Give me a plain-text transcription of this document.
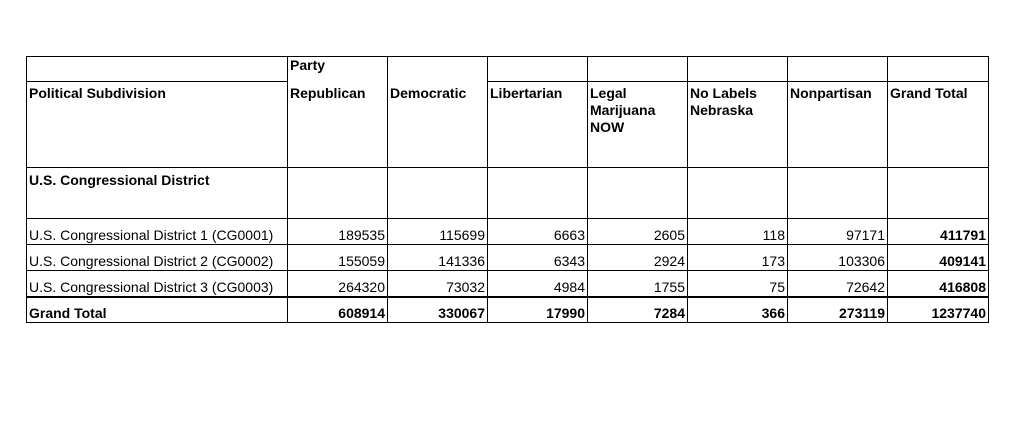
	Party						
Political Subdivision	Republican	Democratic	Libertarian	Legal Marijuana NOW	No Labels Nebraska	Nonpartisan	Grand Total
U.S. Congressional District							
U.S. Congressional District 1 (CG0001)	189535	115699	6663	2605	118	97171	411791
U.S. Congressional District 2 (CG0002)	155059	141336	6343	2924	173	103306	409141
U.S. Congressional District 3 (CG0003)	264320	73032	4984	1755	75	72642	416808
Grand Total	608914	330067	17990	7284	366	273119	1237740
